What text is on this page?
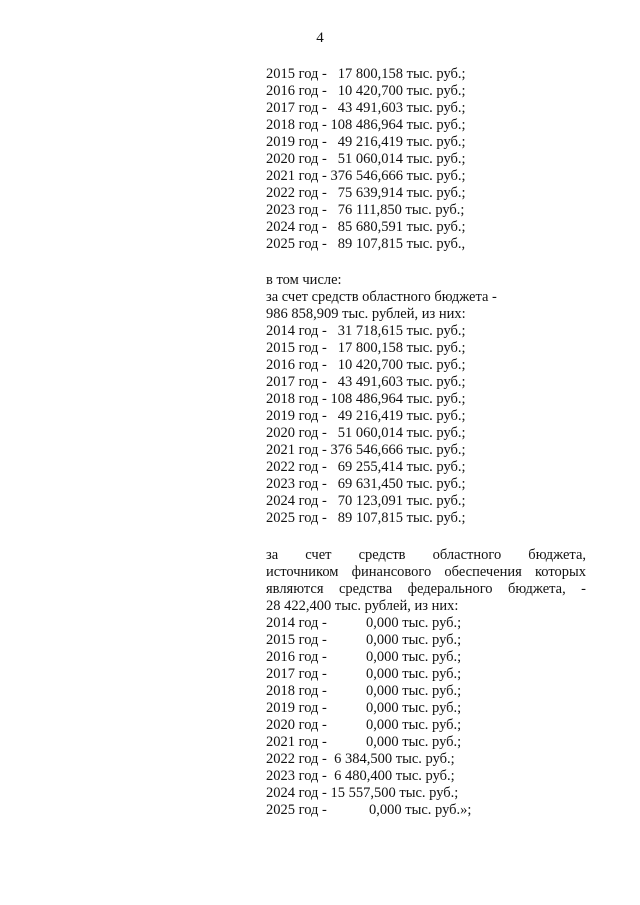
4
2015 год -   17 800,158 тыс. руб.;
2016 год -   10 420,700 тыс. руб.;
2017 год -   43 491,603 тыс. руб.;
2018 год - 108 486,964 тыс. руб.;
2019 год -   49 216,419 тыс. руб.;
2020 год -   51 060,014 тыс. руб.;
2021 год - 376 546,666 тыс. руб.;
2022 год -   75 639,914 тыс. руб.;
2023 год -   76 111,850 тыс. руб.;
2024 год -   85 680,591 тыс. руб.;
2025 год -   89 107,815 тыс. руб.,
в том числе:
за счет средств областного бюджета -
986 858,909 тыс. рублей, из них:
2014 год -   31 718,615 тыс. руб.;
2015 год -   17 800,158 тыс. руб.;
2016 год -   10 420,700 тыс. руб.;
2017 год -   43 491,603 тыс. руб.;
2018 год - 108 486,964 тыс. руб.;
2019 год -   49 216,419 тыс. руб.;
2020 год -   51 060,014 тыс. руб.;
2021 год - 376 546,666 тыс. руб.;
2022 год -   69 255,414 тыс. руб.;
2023 год -   69 631,450 тыс. руб.;
2024 год -   70 123,091 тыс. руб.;
2025 год -   89 107,815 тыс. руб.;
за счет средств областного бюджета,
источником финансового обеспечения которых
являются средства федерального бюджета, -
28 422,400 тыс. рублей, из них:
2014 год -	0,000 тыс. руб.;
2015 год -	0,000 тыс. руб.;
2016 год -	0,000 тыс. руб.;
2017 год -	0,000 тыс. руб.;
2018 год -	0,000 тыс. руб.;
2019 год -	0,000 тыс. руб.;
2020 год -	0,000 тыс. руб.;
2021 год -	0,000 тыс. руб.;
2022 год -  6 384,500 тыс. руб.;
2023 год -  6 480,400 тыс. руб.;
2024 год - 15 557,500 тыс. руб.;
2025 год -	0,000 тыс. руб.»;
